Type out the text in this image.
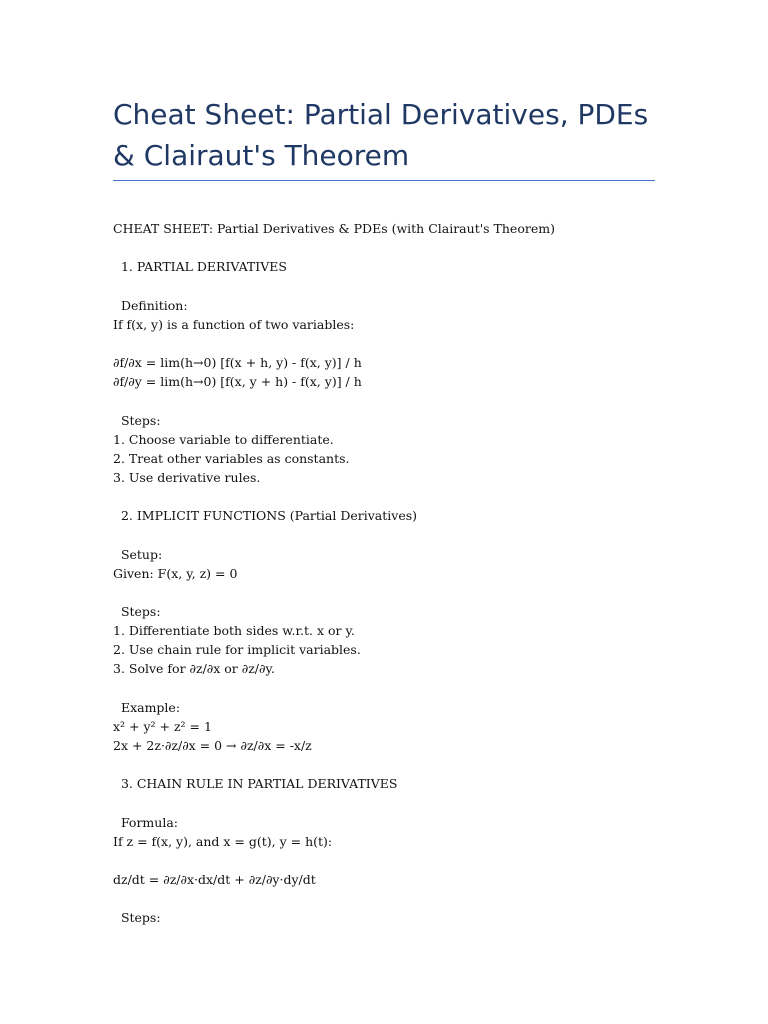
Cheat Sheet: Partial Derivatives, PDEs & Clairaut's Theorem
CHEAT SHEET: Partial Derivatives & PDEs (with Clairaut's Theorem)
1. PARTIAL DERIVATIVES
Definition:
If f(x, y) is a function of two variables:
∂f/∂x = lim(h→0) [f(x + h, y) - f(x, y)] / h
∂f/∂y = lim(h→0) [f(x, y + h) - f(x, y)] / h
Steps:
1. Choose variable to differentiate.
2. Treat other variables as constants.
3. Use derivative rules.
2. IMPLICIT FUNCTIONS (Partial Derivatives)
Setup:
Given: F(x, y, z) = 0
Steps:
1. Differentiate both sides w.r.t. x or y.
2. Use chain rule for implicit variables.
3. Solve for ∂z/∂x or ∂z/∂y.
Example:
x² + y² + z² = 1
2x + 2z·∂z/∂x = 0 → ∂z/∂x = -x/z
3. CHAIN RULE IN PARTIAL DERIVATIVES
Formula:
If z = f(x, y), and x = g(t), y = h(t):
dz/dt = ∂z/∂x·dx/dt + ∂z/∂y·dy/dt
Steps:
